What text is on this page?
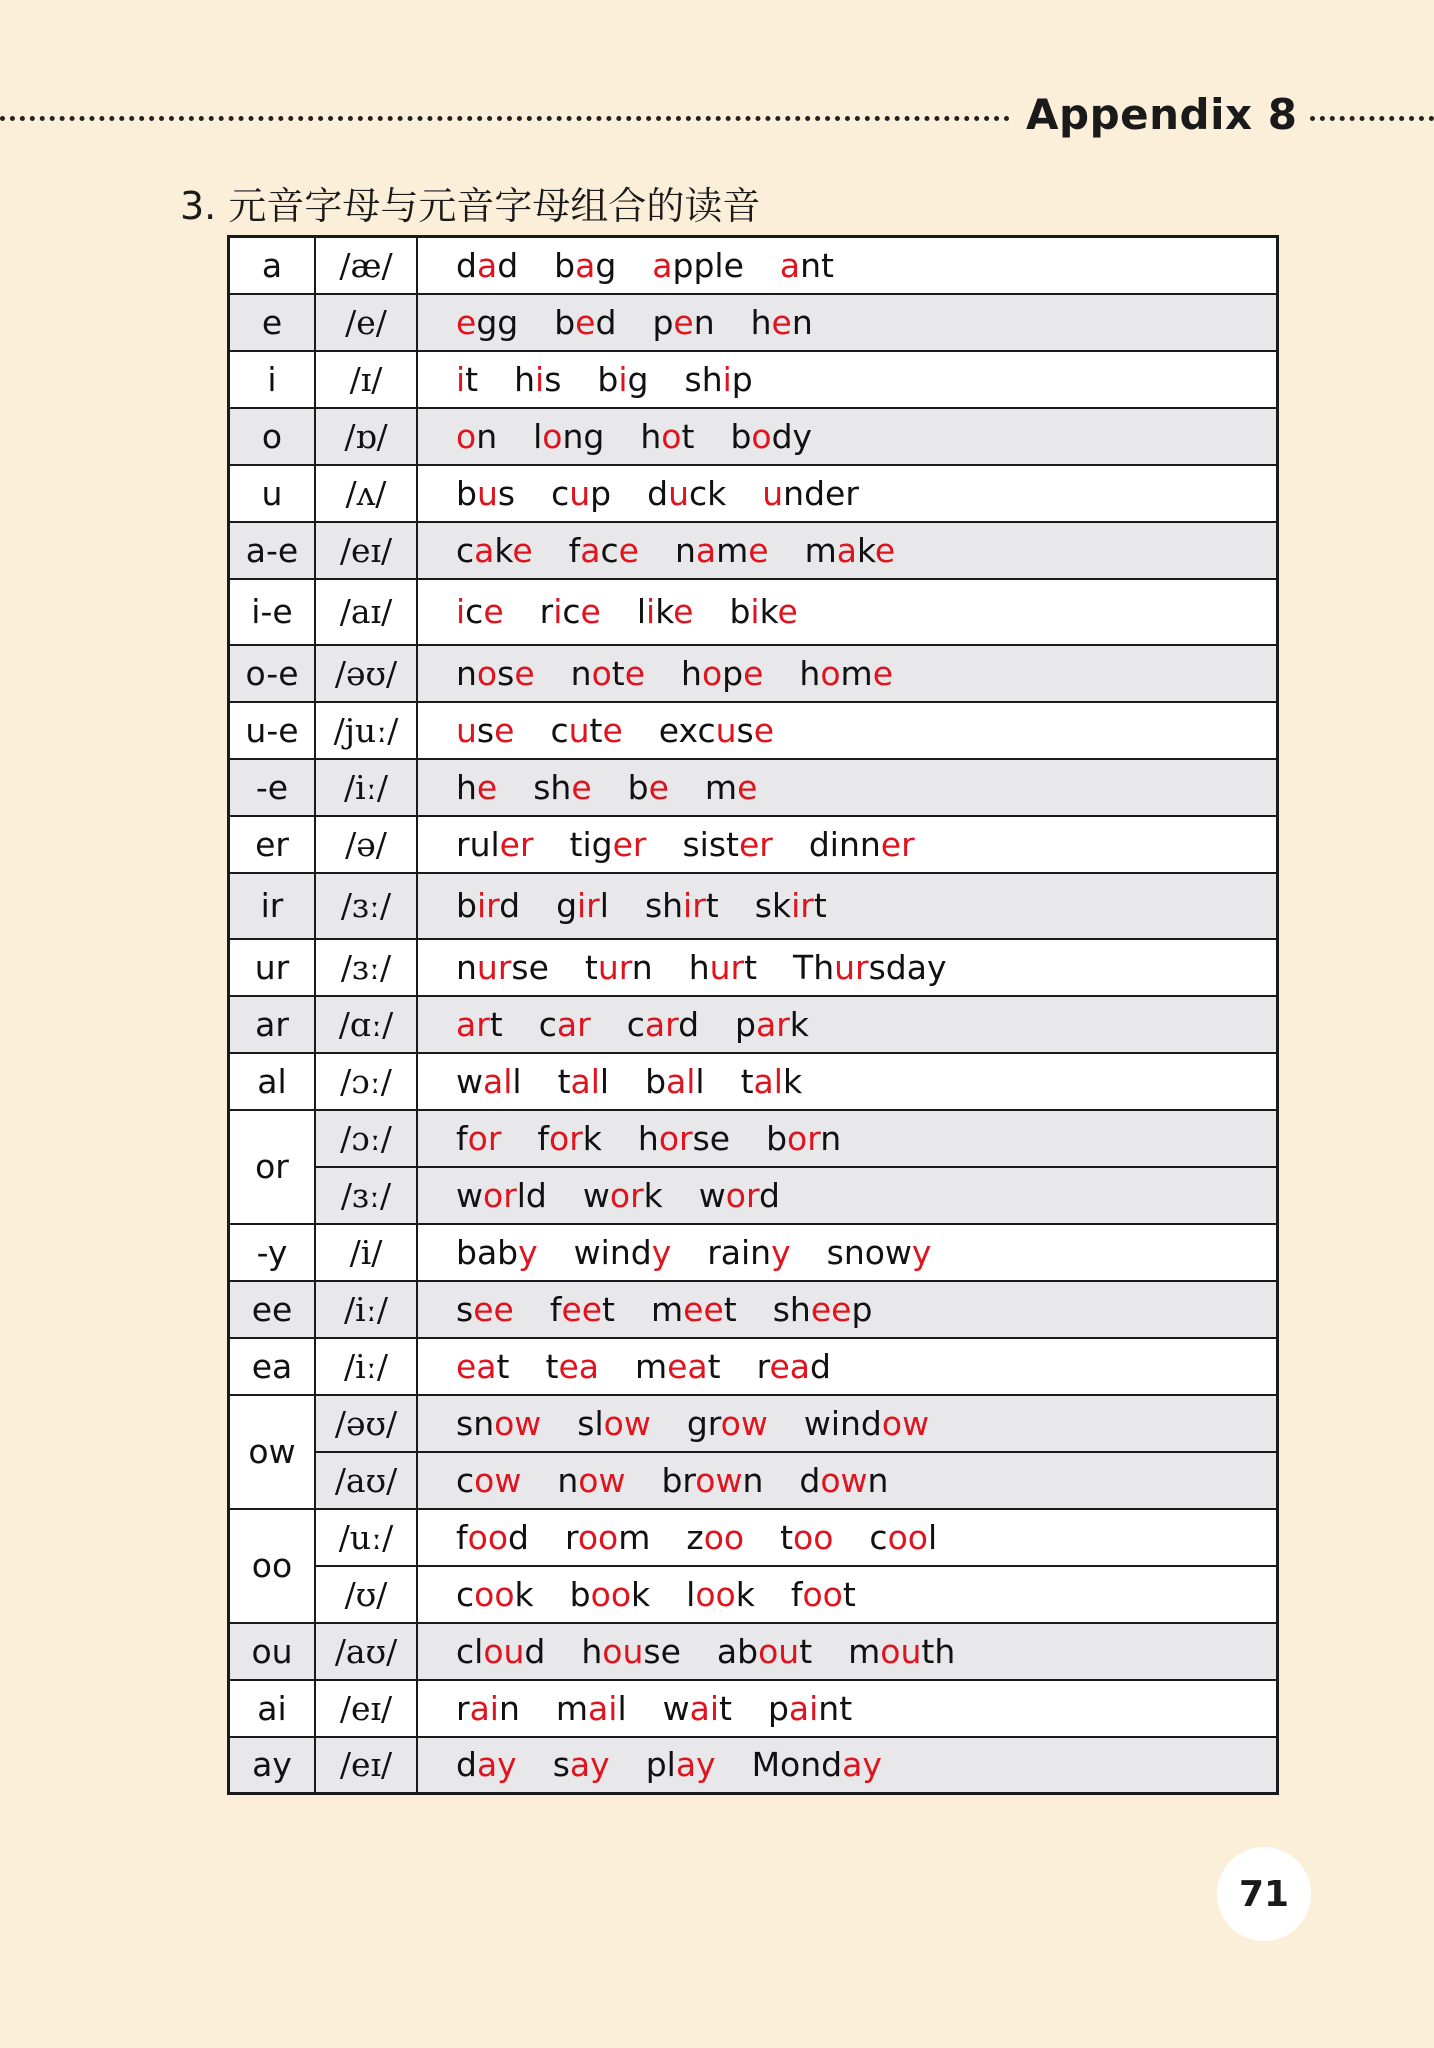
Appendix 8
3. 元音字母与元音字母组合的读音
a	/æ/	dad bag apple ant
e	/e/	egg bed pen hen
i	/ɪ/	it his big ship
o	/ɒ/	on long hot body
u	/ʌ/	bus cup duck under
a-e	/eɪ/	cake face name make
i-e	/aɪ/	ice rice like bike
o-e	/əʊ/	nose note hope home
u-e	/juː/	use cute excuse
-e	/iː/	he she be me
er	/ə/	ruler tiger sister dinner
ir	/ɜː/	bird girl shirt skirt
ur	/ɜː/	nurse turn hurt Thursday
ar	/ɑː/	art car card park
al	/ɔː/	wall tall ball talk
or	/ɔː/	for fork horse born
	/ɜː/	world work word
-y	/i/	baby windy rainy snowy
ee	/iː/	see feet meet sheep
ea	/iː/	eat tea meat read
ow	/əʊ/	snow slow grow window
	/aʊ/	cow now brown down
oo	/uː/	food room zoo too cool
	/ʊ/	cook book look foot
ou	/aʊ/	cloud house about mouth
ai	/eɪ/	rain mail wait paint
ay	/eɪ/	day say play Monday
71
